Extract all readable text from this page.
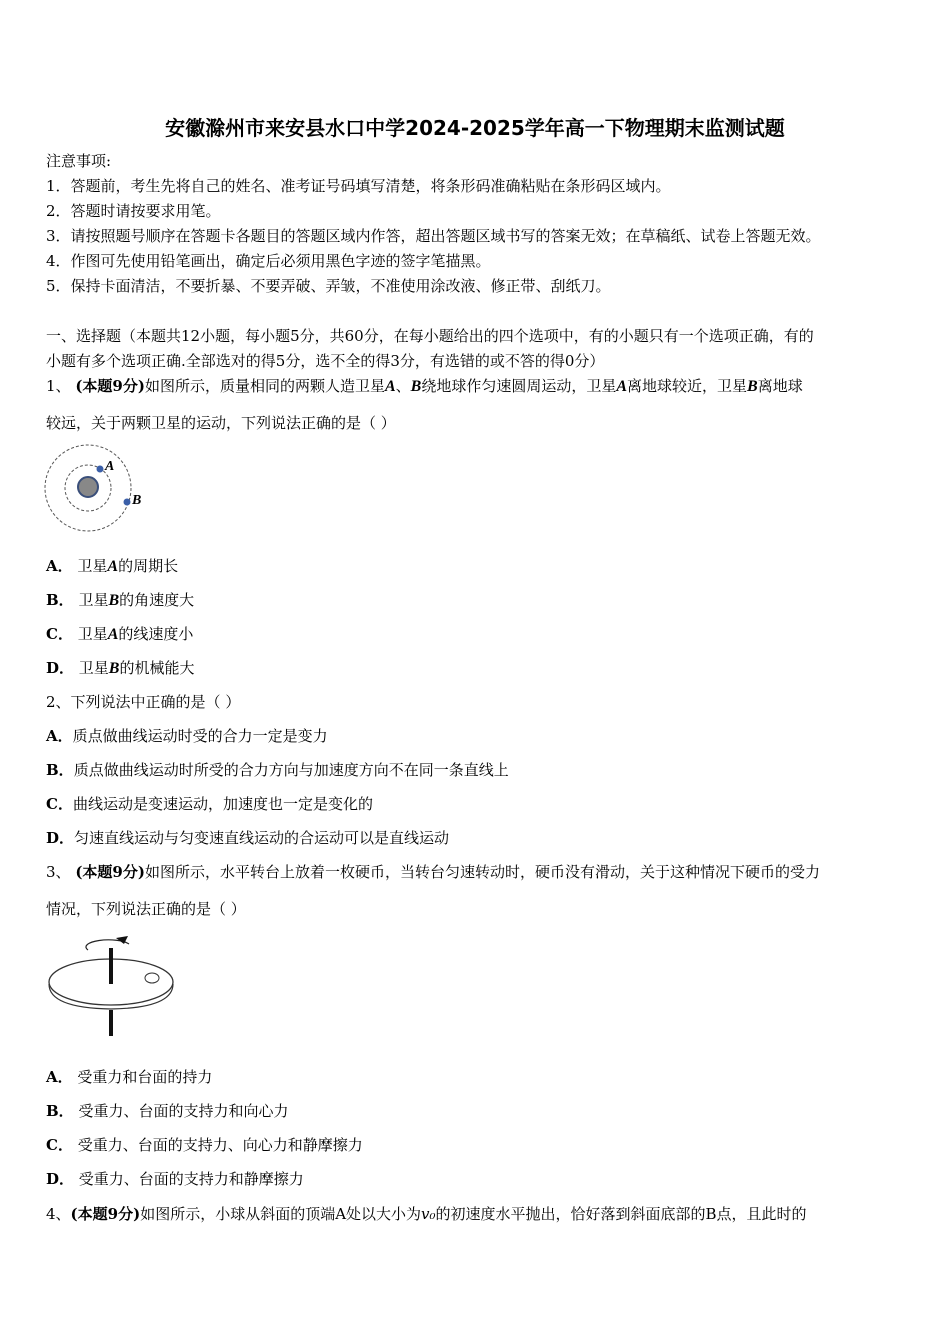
安徽滁州市来安县水口中学2024-2025学年高一下物理期末监测试题
注意事项:
1．答题前，考生先将自己的姓名、准考证号码填写清楚，将条形码准确粘贴在条形码区域内。
2．答题时请按要求用笔。
3．请按照题号顺序在答题卡各题目的答题区域内作答，超出答题区域书写的答案无效；在草稿纸、试卷上答题无效。
4．作图可先使用铅笔画出，确定后必须用黑色字迹的签字笔描黑。
5．保持卡面清洁，不要折暴、不要弄破、弄皱，不准使用涂改液、修正带、刮纸刀。
一、选择题（本题共12小题，每小题5分，共60分，在每小题给出的四个选项中，有的小题只有一个选项正确，有的
小题有多个选项正确.全部选对的得5分，选不全的得3分，有选错的或不答的得0分）
1、 (本题9分)如图所示，质量相同的两颗人造卫星A、B绕地球作匀速圆周运动，卫星A离地球较近，卫星B离地球
较远，关于两颗卫星的运动，下列说法正确的是（ ）
A
B
A． 卫星A的周期长
B． 卫星B的角速度大
C． 卫星A的线速度小
D． 卫星B的机械能大
2、下列说法中正确的是（ ）
A．质点做曲线运动时受的合力一定是变力
B．质点做曲线运动时所受的合力方向与加速度方向不在同一条直线上
C．曲线运动是变速运动，加速度也一定是变化的
D．匀速直线运动与匀变速直线运动的合运动可以是直线运动
3、 (本题9分)如图所示，水平转台上放着一枚硬币，当转台匀速转动时，硬币没有滑动，关于这种情况下硬币的受力
情况，下列说法正确的是（ ）
A． 受重力和台面的持力
B． 受重力、台面的支持力和向心力
C． 受重力、台面的支持力、向心力和静摩擦力
D． 受重力、台面的支持力和静摩擦力
4、(本题9分)如图所示，小球从斜面的顶端A处以大小为v₀的初速度水平抛出，恰好落到斜面底部的B点，且此时的
